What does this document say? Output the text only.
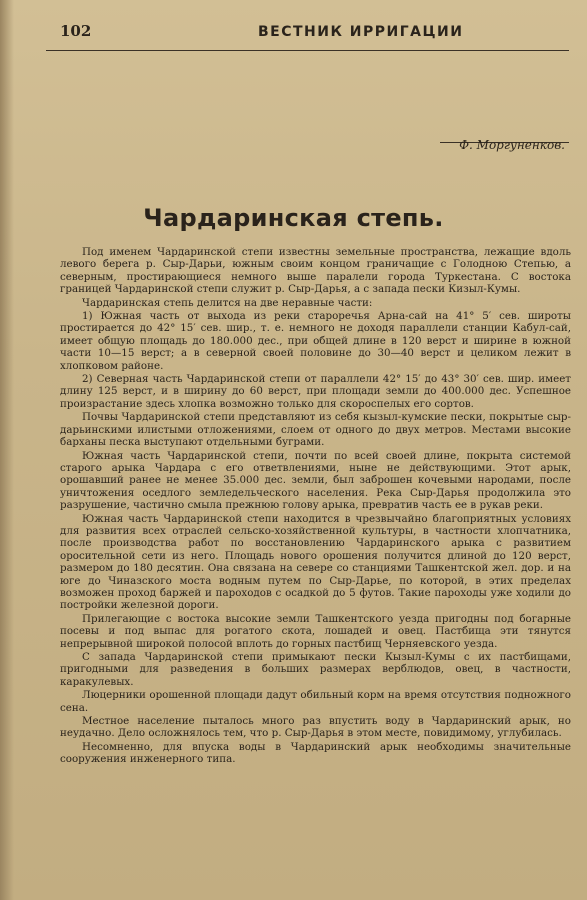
102	ВЕСТНИК ИРРИГАЦИИ
Ф. Моргуненков.
Чардаринская степь.

Под именем Чардаринской степи известны земельные пространства, лежащие вдоль левого берега р. Сыр-Дарьи, южным своим концом граничащие с Голодною Степью, а северным, простирающиеся немного выше паралели города Туркестана. С востока границей Чардаринской степи служит р. Сыр-Дарья, а с запада пески Кизыл-Кумы.

Чардаринская степь делится на две неравные части:

1) Южная часть от выхода из реки староречья Арна-сай на 41° 5′ сев. широты простирается до 42° 15′ сев. шир., т. е. немного не доходя параллели станции Кабул-сай, имеет общую площадь до 180.000 дес., при общей длине в 120 верст и ширине в южной части 10—15 верст; а в северной своей половине до 30—40 верст и целиком лежит в хлопковом районе.

2) Северная часть Чардаринской степи от параллели 42° 15′ до 43° 30′ сев. шир. имеет длину 125 верст, и в ширину до 60 верст, при площади земли до 400.000 дес. Успешное произрастание здесь хлопка возможно только для скороспелых его сортов.

Почвы Чардаринской степи представляют из себя кызыл-кумские пески, покрытые сыр-дарьинскими илистыми отложениями, слоем от одного до двух метров. Местами высокие барханы песка выступают отдельными буграми.

Южная часть Чардаринской степи, почти по всей своей длине, покрыта системой старого арыка Чардара с его ответвлениями, ныне не действующими. Этот арык, орошавший ранее не менее 35.000 дес. земли, был заброшен кочевыми народами, после уничтожения оседлого земледельческого населения. Река Сыр-Дарья продолжила это разрушение, частично смыла прежнюю голову арыка, превратив часть ее в рукав реки.

Южная часть Чардаринской степи находится в чрезвычайно благоприятных условиях для развития всех отраслей сельско-хозяйственной культуры, в частности хлопчатника, после производства работ по восстановлению Чардаринского арыка с развитием оросительной сети из него. Площадь нового орошения получится длиной до 120 верст, размером до 180 десятин. Она связана на севере со станциями Ташкентской жел. дор. и на юге до Чиназского моста водным путем по Сыр-Дарье, по которой, в этих пределах возможен проход баржей и пароходов с осадкой до 5 футов. Такие пароходы уже ходили до постройки железной дороги.

Прилегающие с востока высокие земли Ташкентского уезда пригодны под богарные посевы и под выпас для рогатого скота, лошадей и овец. Пастбища эти тянутся непрерывной широкой полосой вплоть до горных пастбищ Черняевского уезда.

С запада Чардаринской степи примыкают пески Кызыл-Кумы с их пастбищами, пригодными для разведения в больших размерах верблюдов, овец, в частности, каракулевых.

Люцерники орошенной площади дадут обильный корм на время отсутствия подножного сена.

Местное население пыталось много раз впустить воду в Чардаринский арык, но неудачно. Дело осложнялось тем, что р. Сыр-Дарья в этом месте, повидимому, углубилась.

Несомненно, для впуска воды в Чардаринский арык необходимы значительные сооружения инженерного типа.
